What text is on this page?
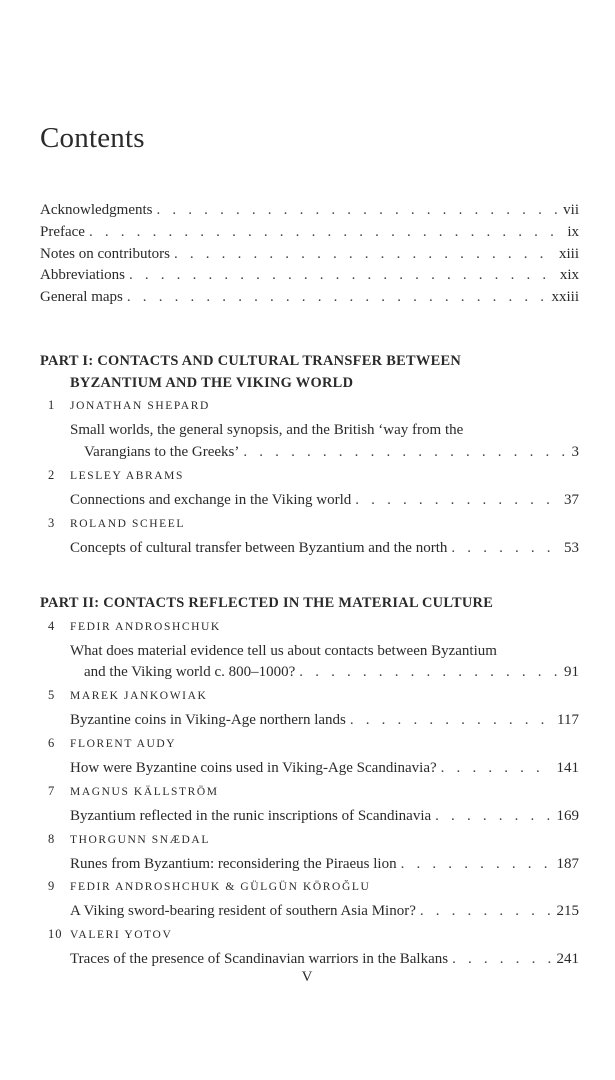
Contents
Acknowledgments . . .	vii
Preface . . .	ix
Notes on contributors . . .	xiii
Abbreviations . . .	xix
General maps . . .	xxiii
PART I: CONTACTS AND CULTURAL TRANSFER BETWEEN
BYZANTIUM AND THE VIKING WORLD
1	JONATHAN SHEPARD
Small worlds, the general synopsis, and the British ‘way from the
Varangians to the Greeks’ . . .	3
2	LESLEY ABRAMS
Connections and exchange in the Viking world . . .	37
3	ROLAND SCHEEL
Concepts of cultural transfer between Byzantium and the north . . .	53
PART II: CONTACTS REFLECTED IN THE MATERIAL CULTURE
4	FEDIR ANDROSHCHUK
What does material evidence tell us about contacts between Byzantium
and the Viking world c. 800–1000? . . .	91
5	MAREK JANKOWIAK
Byzantine coins in Viking-Age northern lands . . .	117
6	FLORENT AUDY
How were Byzantine coins used in Viking-Age Scandinavia? . . .	141
7	MAGNUS KÄLLSTRÖM
Byzantium reflected in the runic inscriptions of Scandinavia . . .	169
8	THORGUNN SNÆDAL
Runes from Byzantium: reconsidering the Piraeus lion . . .	187
9	FEDIR ANDROSHCHUK & GÜLGÜN KÖROĞLU
A Viking sword-bearing resident of southern Asia Minor? . . .	215
10 VALERI YOTOV
Traces of the presence of Scandinavian warriors in the Balkans . . .	241
V
